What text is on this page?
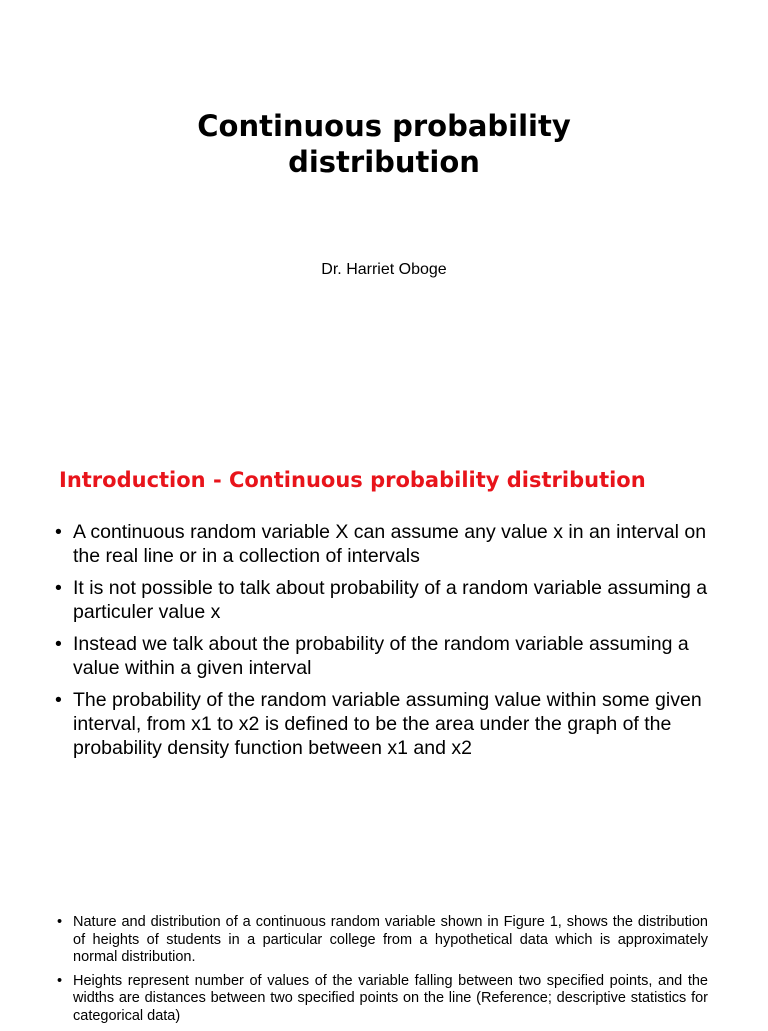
Continuous probability
distribution
Dr. Harriet Oboge
Introduction - Continuous probability distribution
• A continuous random variable X can assume any value x in an interval on the real line or in a collection of intervals
• It is not possible to talk about probability of a random variable assuming a particuler value x
• Instead we talk about the probability of the random variable assuming a value within a given interval
• The probability of the random variable assuming value within some given interval, from x1 to x2 is defined to be the area under the graph of the probability density function between x1 and x2
• Nature and distribution of a continuous random variable shown in Figure 1, shows the distribution of heights of students in a particular college from a hypothetical data which is approximately normal distribution.
• Heights represent number of values of the variable falling between two specified points, and the widths are distances between two specified points on the line (Reference; descriptive statistics for categorical data)
